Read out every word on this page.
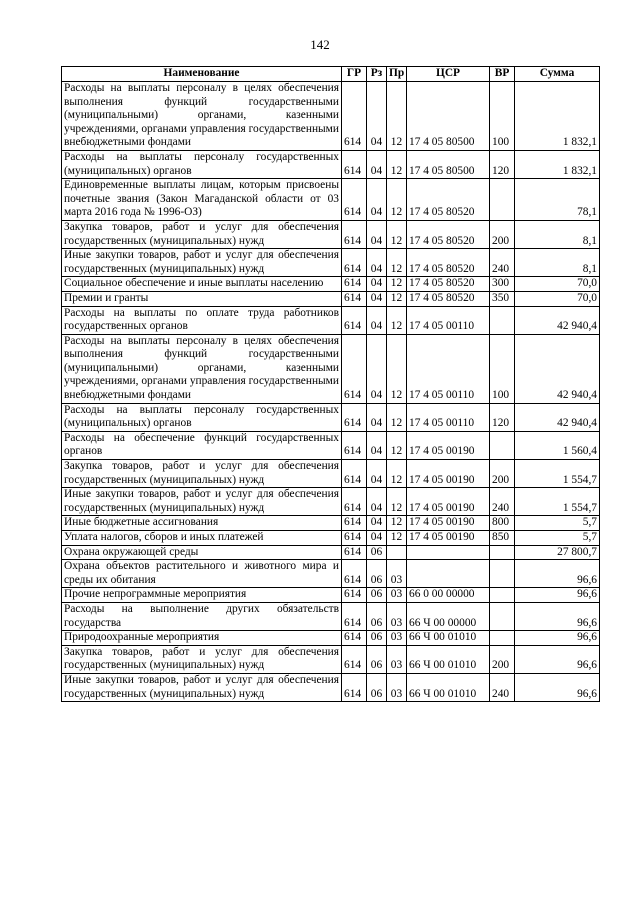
142
Наименование	ГР	Рз	Пр	ЦСР	ВР	Сумма
Расходы на выплаты персоналу в целях обеспечения выполнения функций государственными (муниципальными) органами, казенными учреждениями, органами управления государственными внебюджетными фондами	614	04	12	17 4 05 80500	100	1 832,1
Расходы на выплаты персоналу государственных (муниципальных) органов	614	04	12	17 4 05 80500	120	1 832,1
Единовременные выплаты лицам, которым присвоены почетные звания (Закон Магаданской области от 03 марта 2016 года № 1996-ОЗ)	614	04	12	17 4 05 80520		78,1
Закупка товаров, работ и услуг для обеспечения государственных (муниципальных) нужд	614	04	12	17 4 05 80520	200	8,1
Иные закупки товаров, работ и услуг для обеспечения государственных (муниципальных) нужд	614	04	12	17 4 05 80520	240	8,1
Социальное обеспечение и иные выплаты населению	614	04	12	17 4 05 80520	300	70,0
Премии и гранты	614	04	12	17 4 05 80520	350	70,0
Расходы на выплаты по оплате труда работников государственных органов	614	04	12	17 4 05 00110		42 940,4
Расходы на выплаты персоналу в целях обеспечения выполнения функций государственными (муниципальными) органами, казенными учреждениями, органами управления государственными внебюджетными фондами	614	04	12	17 4 05 00110	100	42 940,4
Расходы на выплаты персоналу государственных (муниципальных) органов	614	04	12	17 4 05 00110	120	42 940,4
Расходы на обеспечение функций государственных органов	614	04	12	17 4 05 00190		1 560,4
Закупка товаров, работ и услуг для обеспечения государственных (муниципальных) нужд	614	04	12	17 4 05 00190	200	1 554,7
Иные закупки товаров, работ и услуг для обеспечения государственных (муниципальных) нужд	614	04	12	17 4 05 00190	240	1 554,7
Иные бюджетные ассигнования	614	04	12	17 4 05 00190	800	5,7
Уплата налогов, сборов и иных платежей	614	04	12	17 4 05 00190	850	5,7
Охрана окружающей среды	614	06				27 800,7
Охрана объектов растительного и животного мира и среды их обитания	614	06	03			96,6
Прочие непрограммные мероприятия	614	06	03	66 0 00 00000		96,6
Расходы на выполнение других обязательств государства	614	06	03	66 Ч 00 00000		96,6
Природоохранные мероприятия	614	06	03	66 Ч 00 01010		96,6
Закупка товаров, работ и услуг для обеспечения государственных (муниципальных) нужд	614	06	03	66 Ч 00 01010	200	96,6
Иные закупки товаров, работ и услуг для обеспечения государственных (муниципальных) нужд	614	06	03	66 Ч 00 01010	240	96,6
